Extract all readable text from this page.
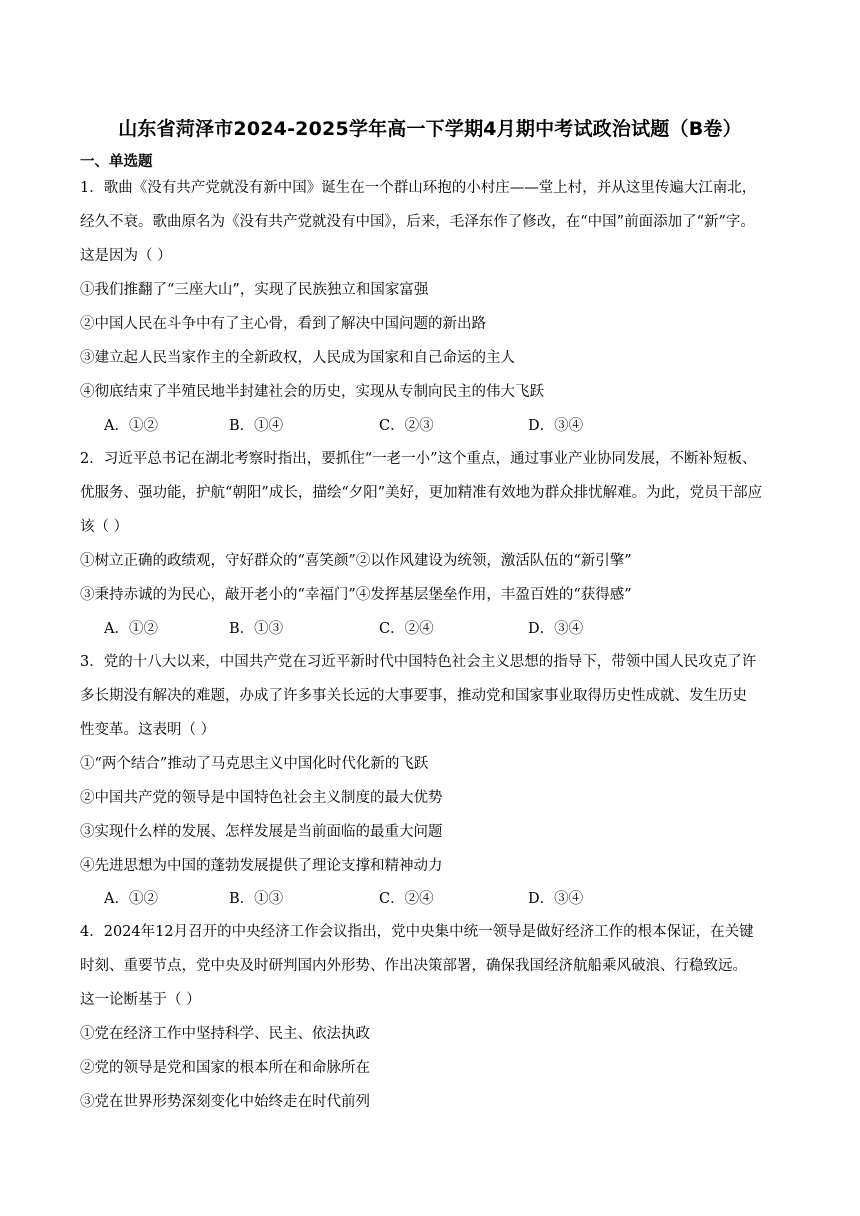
山东省菏泽市2024-2025学年高一下学期4月期中考试政治试题（B卷）
一、单选题
1．歌曲《没有共产党就没有新中国》诞生在一个群山环抱的小村庄——堂上村，并从这里传遍大江南北，
经久不衰。歌曲原名为《没有共产党就没有中国》，后来，毛泽东作了修改，在“中国”前面添加了“新”字。
这是因为（ ）
①我们推翻了“三座大山”，实现了民族独立和国家富强
②中国人民在斗争中有了主心骨，看到了解决中国问题的新出路
③建立起人民当家作主的全新政权，人民成为国家和自己命运的主人
④彻底结束了半殖民地半封建社会的历史，实现从专制向民主的伟大飞跃
A．①②	B．①④	C．②③	D．③④
2．习近平总书记在湖北考察时指出，要抓住“一老一小”这个重点，通过事业产业协同发展，不断补短板、
优服务、强功能，护航“朝阳”成长，描绘“夕阳”美好，更加精准有效地为群众排忧解难。为此，党员干部应
该（ ）
①树立正确的政绩观，守好群众的“喜笑颜”②以作风建设为统领，激活队伍的“新引擎”
③秉持赤诚的为民心，敲开老小的“幸福门”④发挥基层堡垒作用，丰盈百姓的“获得感”
A．①②	B．①③	C．②④	D．③④
3．党的十八大以来，中国共产党在习近平新时代中国特色社会主义思想的指导下，带领中国人民攻克了许
多长期没有解决的难题，办成了许多事关长远的大事要事，推动党和国家事业取得历史性成就、发生历史
性变革。这表明（ ）
①“两个结合”推动了马克思主义中国化时代化新的飞跃
②中国共产党的领导是中国特色社会主义制度的最大优势
③实现什么样的发展、怎样发展是当前面临的最重大问题
④先进思想为中国的蓬勃发展提供了理论支撑和精神动力
A．①②	B．①③	C．②④	D．③④
4．2024年12月召开的中央经济工作会议指出，党中央集中统一领导是做好经济工作的根本保证，在关键
时刻、重要节点，党中央及时研判国内外形势、作出决策部署，确保我国经济航船乘风破浪、行稳致远。
这一论断基于（ ）
①党在经济工作中坚持科学、民主、依法执政
②党的领导是党和国家的根本所在和命脉所在
③党在世界形势深刻变化中始终走在时代前列
